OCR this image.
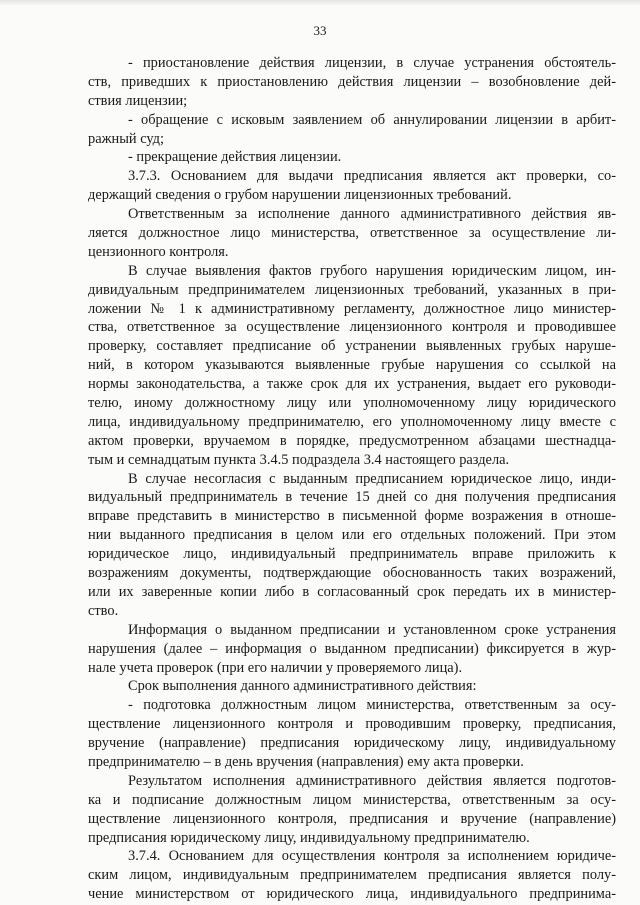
33
- приостановление действия лицензии, в случае устранения обстоятель-
ств, приведших к приостановлению действия лицензии – возобновление дей-
ствия лицензии;
- обращение с исковым заявлением об аннулировании лицензии в арбит-
ражный суд;
- прекращение действия лицензии.
3.7.3. Основанием для выдачи предписания является акт проверки, со-
держащий сведения о грубом нарушении лицензионных требований.
Ответственным за исполнение данного административного действия яв-
ляется должностное лицо министерства, ответственное за осуществление ли-
цензионного контроля.
В случае выявления фактов грубого нарушения юридическим лицом, ин-
дивидуальным предпринимателем лицензионных требований, указанных в при-
ложении № 1 к административному регламенту, должностное лицо министер-
ства, ответственное за осуществление лицензионного контроля и проводившее
проверку, составляет предписание об устранении выявленных грубых наруше-
ний, в котором указываются выявленные грубые нарушения со ссылкой на
нормы законодательства, а также срок для их устранения, выдает его руководи-
телю, иному должностному лицу или уполномоченному лицу юридического
лица, индивидуальному предпринимателю, его уполномоченному лицу вместе с
актом проверки, вручаемом в порядке, предусмотренном абзацами шестнадца-
тым и семнадцатым пункта 3.4.5 подраздела 3.4 настоящего раздела.
В случае несогласия с выданным предписанием юридическое лицо, инди-
видуальный предприниматель в течение 15 дней со дня получения предписания
вправе представить в министерство в письменной форме возражения в отноше-
нии выданного предписания в целом или его отдельных положений. При этом
юридическое лицо, индивидуальный предприниматель вправе приложить к
возражениям документы, подтверждающие обоснованность таких возражений,
или их заверенные копии либо в согласованный срок передать их в министер-
ство.
Информация о выданном предписании и установленном сроке устранения
нарушения (далее – информация о выданном предписании) фиксируется в жур-
нале учета проверок (при его наличии у проверяемого лица).
Срок выполнения данного административного действия:
- подготовка должностным лицом министерства, ответственным за осу-
ществление лицензионного контроля и проводившим проверку, предписания,
вручение (направление) предписания юридическому лицу, индивидуальному
предпринимателю – в день вручения (направления) ему акта проверки.
Результатом исполнения административного действия является подготов-
ка и подписание должностным лицом министерства, ответственным за осу-
ществление лицензионного контроля, предписания и вручение (направление)
предписания юридическому лицу, индивидуальному предпринимателю.
3.7.4. Основанием для осуществления контроля за исполнением юридиче-
ским лицом, индивидуальным предпринимателем предписания является полу-
чение министерством от юридического лица, индивидуального предпринима-
